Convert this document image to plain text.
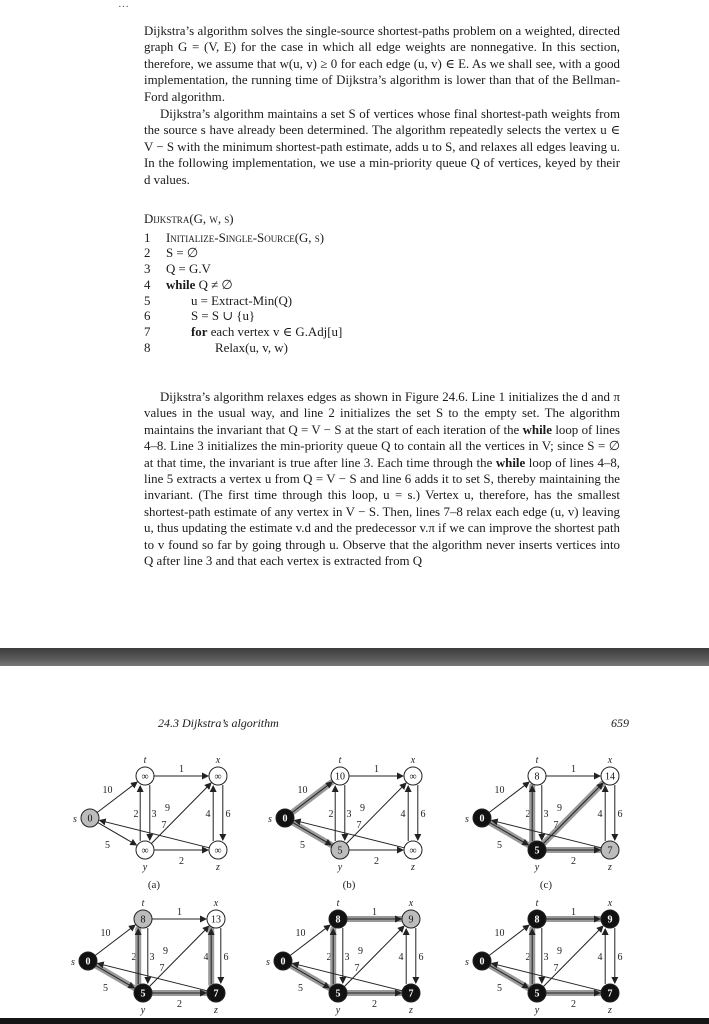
…

Dijkstra’s algorithm solves the single-source shortest-paths problem on a weighted, directed graph G = (V, E) for the case in which all edge weights are nonnegative. In this section, therefore, we assume that w(u, v) ≥ 0 for each edge (u, v) ∈ E. As we shall see, with a good implementation, the running time of Dijkstra’s algorithm is lower than that of the Bellman-Ford algorithm.

Dijkstra’s algorithm maintains a set S of vertices whose final shortest-path weights from the source s have already been determined. The algorithm repeatedly selects the vertex u ∈ V − S with the minimum shortest-path estimate, adds u to S, and relaxes all edges leaving u. In the following implementation, we use a min-priority queue Q of vertices, keyed by their d values.

Dijkstra(G, w, s)
1	Initialize-Single-Source(G, s)
2	S = ∅
3	Q = G.V
4	while Q ≠ ∅
5	u = Extract-Min(Q)
6	S = S ∪ {u}
7	for each vertex v ∈ G.Adj[u]
8	Relax(u, v, w)

Dijkstra’s algorithm relaxes edges as shown in Figure 24.6. Line 1 initializes the d and π values in the usual way, and line 2 initializes the set S to the empty set. The algorithm maintains the invariant that Q = V − S at the start of each iteration of the while loop of lines 4–8. Line 3 initializes the min-priority queue Q to contain all the vertices in V; since S = ∅ at that time, the invariant is true after line 3. Each time through the while loop of lines 4–8, line 5 extracts a vertex u from Q = V − S and line 6 adds it to set S, thereby maintaining the invariant. (The first time through this loop, u = s.) Vertex u, therefore, has the smallest shortest-path estimate of any vertex in V − S. Then, lines 7–8 relax each edge (u, v) leaving u, thus updating the estimate v.d and the predecessor v.π if we can improve the shortest path to v found so far by going through u. Observe that the algorithm never inserts vertices into Q after line 3 and that each vertex is extracted from Q

24.3 Dijkstra’s algorithm	659
10
5
1
2 3
9
2
4 6
7
0
s
∞
t
∞
x
∞
y
∞
z
(a)
10
5
1
2 3
9
2
4 6
7
0
s
10
t
∞
x
5
y
∞
z
(b)
10
5
1
2 3
9
2
4 6
7
0
s
8
t
14
x
5
y
7
z
(c)
10
5
1
2 3
9
2
4 6
7
0
s
8
t
13
x
5
y
7
z
10
5
1
2 3
9
2
4 6
7
0
s
8
t
9
x
5
y
7
z
10
5
1
2 3
9
2
4 6
7
0
s
8
t
9
x
5
y
7
z
